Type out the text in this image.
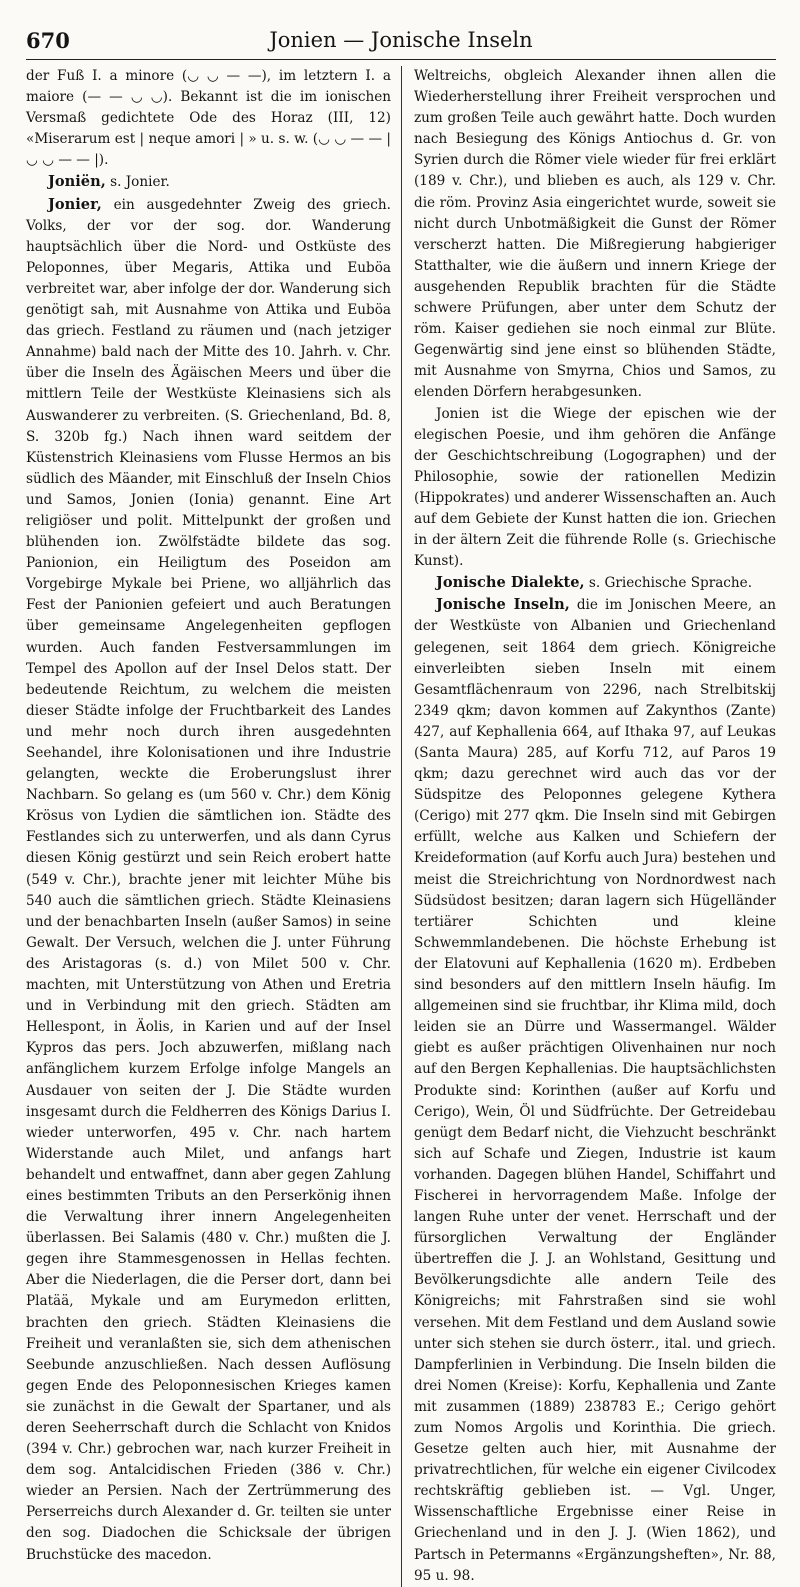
670	Jonien — Jonische Inseln

der Fuß I. a minore (◡ ◡ — —), im letztern I. a maiore (— — ◡ ◡). Bekannt ist die im ionischen Versmaß gedichtete Ode des Horaz (III, 12) «Miserarum est | neque amori | » u. s. w. (◡ ◡ — — | ◡ ◡ — — |).

Joniën, s. Jonier.

Jonier, ein ausgedehnter Zweig des griech. Volks, der vor der sog. dor. Wanderung hauptsächlich über die Nord- und Ostküste des Peloponnes, über Megaris, Attika und Euböa verbreitet war, aber infolge der dor. Wanderung sich genötigt sah, mit Ausnahme von Attika und Euböa das griech. Festland zu räumen und (nach jetziger Annahme) bald nach der Mitte des 10. Jahrh. v. Chr. über die Inseln des Ägäischen Meers und über die mittlern Teile der Westküste Kleinasiens sich als Auswanderer zu verbreiten. (S. Griechenland, Bd. 8, S. 320b fg.) Nach ihnen ward seitdem der Küstenstrich Kleinasiens vom Flusse Hermos an bis südlich des Mäander, mit Einschluß der Inseln Chios und Samos, Jonien (Ionia) genannt. Eine Art religiöser und polit. Mittelpunkt der großen und blühenden ion. Zwölfstädte bildete das sog. Panionion, ein Heiligtum des Poseidon am Vorgebirge Mykale bei Priene, wo alljährlich das Fest der Panionien gefeiert und auch Beratungen über gemeinsame Angelegenheiten gepflogen wurden. Auch fanden Festversammlungen im Tempel des Apollon auf der Insel Delos statt. Der bedeutende Reichtum, zu welchem die meisten dieser Städte infolge der Fruchtbarkeit des Landes und mehr noch durch ihren ausgedehnten Seehandel, ihre Kolonisationen und ihre Industrie gelangten, weckte die Eroberungslust ihrer Nachbarn. So gelang es (um 560 v. Chr.) dem König Krösus von Lydien die sämtlichen ion. Städte des Festlandes sich zu unterwerfen, und als dann Cyrus diesen König gestürzt und sein Reich erobert hatte (549 v. Chr.), brachte jener mit leichter Mühe bis 540 auch die sämtlichen griech. Städte Kleinasiens und der benachbarten Inseln (außer Samos) in seine Gewalt. Der Versuch, welchen die J. unter Führung des Aristagoras (s. d.) von Milet 500 v. Chr. machten, mit Unterstützung von Athen und Eretria und in Verbindung mit den griech. Städten am Hellespont, in Äolis, in Karien und auf der Insel Kypros das pers. Joch abzuwerfen, mißlang nach anfänglichem kurzem Erfolge infolge Mangels an Ausdauer von seiten der J. Die Städte wurden insgesamt durch die Feldherren des Königs Darius I. wieder unterworfen, 495 v. Chr. nach hartem Widerstande auch Milet, und anfangs hart behandelt und entwaffnet, dann aber gegen Zahlung eines bestimmten Tributs an den Perserkönig ihnen die Verwaltung ihrer innern Angelegenheiten überlassen. Bei Salamis (480 v. Chr.) mußten die J. gegen ihre Stammesgenossen in Hellas fechten. Aber die Niederlagen, die die Perser dort, dann bei Platää, Mykale und am Eurymedon erlitten, brachten den griech. Städten Kleinasiens die Freiheit und veranlaßten sie, sich dem athenischen Seebunde anzuschließen. Nach dessen Auflösung gegen Ende des Peloponnesischen Krieges kamen sie zunächst in die Gewalt der Spartaner, und als deren Seeherrschaft durch die Schlacht von Knidos (394 v. Chr.) gebrochen war, nach kurzer Freiheit in dem sog. Antalcidischen Frieden (386 v. Chr.) wieder an Persien. Nach der Zertrümmerung des Perserreichs durch Alexander d. Gr. teilten sie unter den sog. Diadochen die Schicksale der übrigen Bruchstücke des macedon.

Weltreichs, obgleich Alexander ihnen allen die Wiederherstellung ihrer Freiheit versprochen und zum großen Teile auch gewährt hatte. Doch wurden nach Besiegung des Königs Antiochus d. Gr. von Syrien durch die Römer viele wieder für frei erklärt (189 v. Chr.), und blieben es auch, als 129 v. Chr. die röm. Provinz Asia eingerichtet wurde, soweit sie nicht durch Unbotmäßigkeit die Gunst der Römer verscherzt hatten. Die Mißregierung habgieriger Statthalter, wie die äußern und innern Kriege der ausgehenden Republik brachten für die Städte schwere Prüfungen, aber unter dem Schutz der röm. Kaiser gediehen sie noch einmal zur Blüte. Gegenwärtig sind jene einst so blühenden Städte, mit Ausnahme von Smyrna, Chios und Samos, zu elenden Dörfern herabgesunken.

Jonien ist die Wiege der epischen wie der elegischen Poesie, und ihm gehören die Anfänge der Geschichtschreibung (Logographen) und der Philosophie, sowie der rationellen Medizin (Hippokrates) und anderer Wissenschaften an. Auch auf dem Gebiete der Kunst hatten die ion. Griechen in der ältern Zeit die führende Rolle (s. Griechische Kunst).

Jonische Dialekte, s. Griechische Sprache.

Jonische Inseln, die im Jonischen Meere, an der Westküste von Albanien und Griechenland gelegenen, seit 1864 dem griech. Königreiche einverleibten sieben Inseln mit einem Gesamtflächenraum von 2296, nach Strelbitskij 2349 qkm; davon kommen auf Zakynthos (Zante) 427, auf Kephallenia 664, auf Ithaka 97, auf Leukas (Santa Maura) 285, auf Korfu 712, auf Paros 19 qkm; dazu gerechnet wird auch das vor der Südspitze des Peloponnes gelegene Kythera (Cerigo) mit 277 qkm. Die Inseln sind mit Gebirgen erfüllt, welche aus Kalken und Schiefern der Kreideformation (auf Korfu auch Jura) bestehen und meist die Streichrichtung von Nordnordwest nach Südsüdost besitzen; daran lagern sich Hügelländer tertiärer Schichten und kleine Schwemmlandebenen. Die höchste Erhebung ist der Elatovuni auf Kephallenia (1620 m). Erdbeben sind besonders auf den mittlern Inseln häufig. Im allgemeinen sind sie fruchtbar, ihr Klima mild, doch leiden sie an Dürre und Wassermangel. Wälder giebt es außer prächtigen Olivenhainen nur noch auf den Bergen Kephallenias. Die hauptsächlichsten Produkte sind: Korinthen (außer auf Korfu und Cerigo), Wein, Öl und Südfrüchte. Der Getreidebau genügt dem Bedarf nicht, die Viehzucht beschränkt sich auf Schafe und Ziegen, Industrie ist kaum vorhanden. Dagegen blühen Handel, Schiffahrt und Fischerei in hervorragendem Maße. Infolge der langen Ruhe unter der venet. Herrschaft und der fürsorglichen Verwaltung der Engländer übertreffen die J. J. an Wohlstand, Gesittung und Bevölkerungsdichte alle andern Teile des Königreichs; mit Fahrstraßen sind sie wohl versehen. Mit dem Festland und dem Ausland sowie unter sich stehen sie durch österr., ital. und griech. Dampferlinien in Verbindung. Die Inseln bilden die drei Nomen (Kreise): Korfu, Kephallenia und Zante mit zusammen (1889) 238783 E.; Cerigo gehört zum Nomos Argolis und Korinthia. Die griech. Gesetze gelten auch hier, mit Ausnahme der privatrechtlichen, für welche ein eigener Civilcodex rechtskräftig geblieben ist. — Vgl. Unger, Wissenschaftliche Ergebnisse einer Reise in Griechenland und in den J. J. (Wien 1862), und Partsch in Petermanns «Ergänzungsheften», Nr. 88, 95 u. 98.
